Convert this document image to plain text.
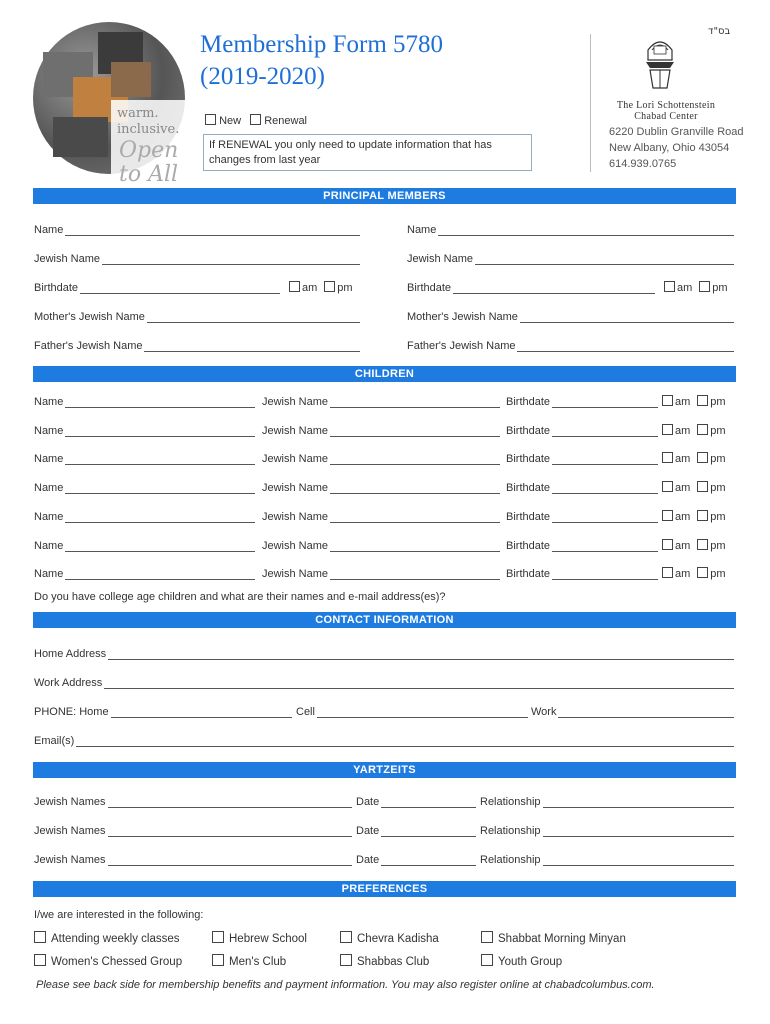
warm.
inclusive.
Open
to All
Membership Form 5780
(2019-2020)
New Renewal
If RENEWAL you only need to update information that has changes from last year
בס"ד
The Lori Schottenstein
Chabad Center
6220 Dublin Granville Road
New Albany, Ohio 43054
614.939.0765
PRINCIPAL MEMBERS
Name	Name
Jewish Name	Jewish Name
Birthdate	am pm	Birthdate	am pm
Mother's Jewish Name	Mother's Jewish Name
Father's Jewish Name	Father's Jewish Name
CHILDREN
Name	Jewish Name	Birthdate	am pm
Name	Jewish Name	Birthdate	am pm
Name	Jewish Name	Birthdate	am pm
Name	Jewish Name	Birthdate	am pm
Name	Jewish Name	Birthdate	am pm
Name	Jewish Name	Birthdate	am pm
Name	Jewish Name	Birthdate	am pm
Do you have college age children and what are their names and e-mail address(es)?
CONTACT INFORMATION
Home Address
Work Address
PHONE: Home	Cell	Work
Email(s)
YARTZEITS
Jewish Names	Date	Relationship
Jewish Names	Date	Relationship
Jewish Names	Date	Relationship
PREFERENCES
I/we are interested in the following:
Attending weekly classes	Hebrew School	Chevra Kadisha	Shabbat Morning Minyan
Women's Chessed Group	Men's Club	Shabbas Club	Youth Group
Please see back side for membership benefits and payment information. You may also register online at chabadcolumbus.com.
